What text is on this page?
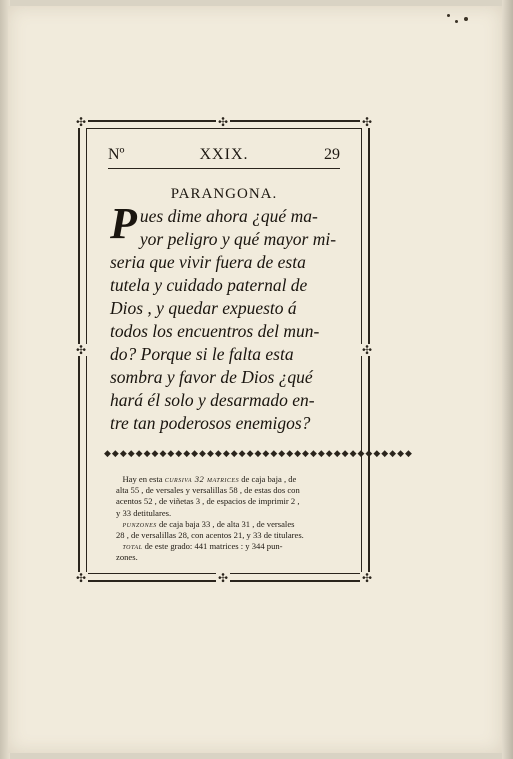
✣	✣
✣	✣
✣
✣
✣	✣
Nº	XXIX.	29
PARANGONA.
P ues dime ahora ¿qué ma-
yor peligro y qué mayor mi-
seria que vivir fuera de esta
tutela y cuidado paternal de
Dios , y quedar expuesto á
todos los encuentros del mun-
do? Porque si le falta esta
sombra y favor de Dios ¿qué
hará él solo y desarmado en-
tre tan poderosos enemigos?
◆◆◆◆◆◆◆◆◆◆◆◆◆◆◆◆◆◆◆◆◆◆◆◆◆◆◆◆◆◆◆◆◆◆◆◆◆◆◆
Hay en esta cursiva 32 matrices de caja baja , de
alta 55 , de versales y versalillas 58 , de estas dos con
acentos 52 , de viñetas 3 , de espacios de imprimir 2 ,
y 33 detitulares.
punzones de caja baja 33 , de alta 31 , de versales
28 , de versalillas 28, con acentos 21, y 33 de titulares.
total de este grado: 441 matrices : y 344 pun-
zones.
